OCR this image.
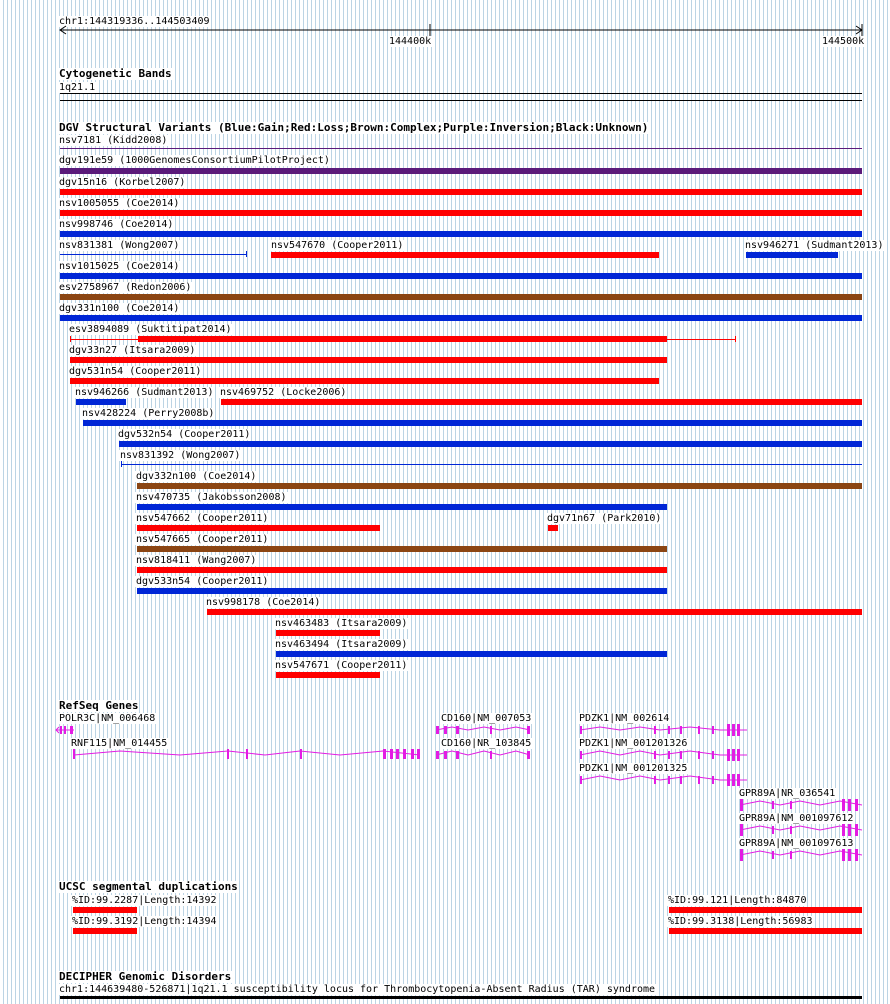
chr1:144319336..144503409
144400k	144500k
Cytogenetic Bands
1q21.1
DGV Structural Variants (Blue:Gain;Red:Loss;Brown:Complex;Purple:Inversion;Black:Unknown)
nsv7181 (Kidd2008)
dgv191e59 (1000GenomesConsortiumPilotProject)
dgv15n16 (Korbel2007)
nsv1005055 (Coe2014)
nsv998746 (Coe2014)
nsv831381 (Wong2007)	nsv547670 (Cooper2011)	nsv946271 (Sudmant2013)
nsv1015025 (Coe2014)
esv2758967 (Redon2006)
dgv331n100 (Coe2014)
esv3894089 (Suktitipat2014)
dgv33n27 (Itsara2009)
dgv531n54 (Cooper2011)
nsv946266 (Sudmant2013) nsv469752 (Locke2006)
nsv428224 (Perry2008b)
dgv532n54 (Cooper2011)
nsv831392 (Wong2007)
dgv332n100 (Coe2014)
nsv470735 (Jakobsson2008)
nsv547662 (Cooper2011)	dgv71n67 (Park2010)
nsv547665 (Cooper2011)
nsv818411 (Wang2007)
dgv533n54 (Cooper2011)
nsv998178 (Coe2014)
nsv463483 (Itsara2009)
nsv463494 (Itsara2009)
nsv547671 (Cooper2011)
RefSeq Genes
POLR3C|NM_006468
RNF115|NM_014455
CD160|NM_007053
CD160|NR_103845
PDZK1|NM_002614
PDZK1|NM_001201326
PDZK1|NM_001201325
GPR89A|NR_036541
GPR89A|NM_001097612
GPR89A|NM_001097613
UCSC segmental duplications
%ID:99.2287|Length:14392
%ID:99.3192|Length:14394
%ID:99.121|Length:84870
%ID:99.3138|Length:56983
DECIPHER Genomic Disorders
chr1:144639480-526871|1q21.1 susceptibility locus for Thrombocytopenia-Absent Radius (TAR) syndrome
